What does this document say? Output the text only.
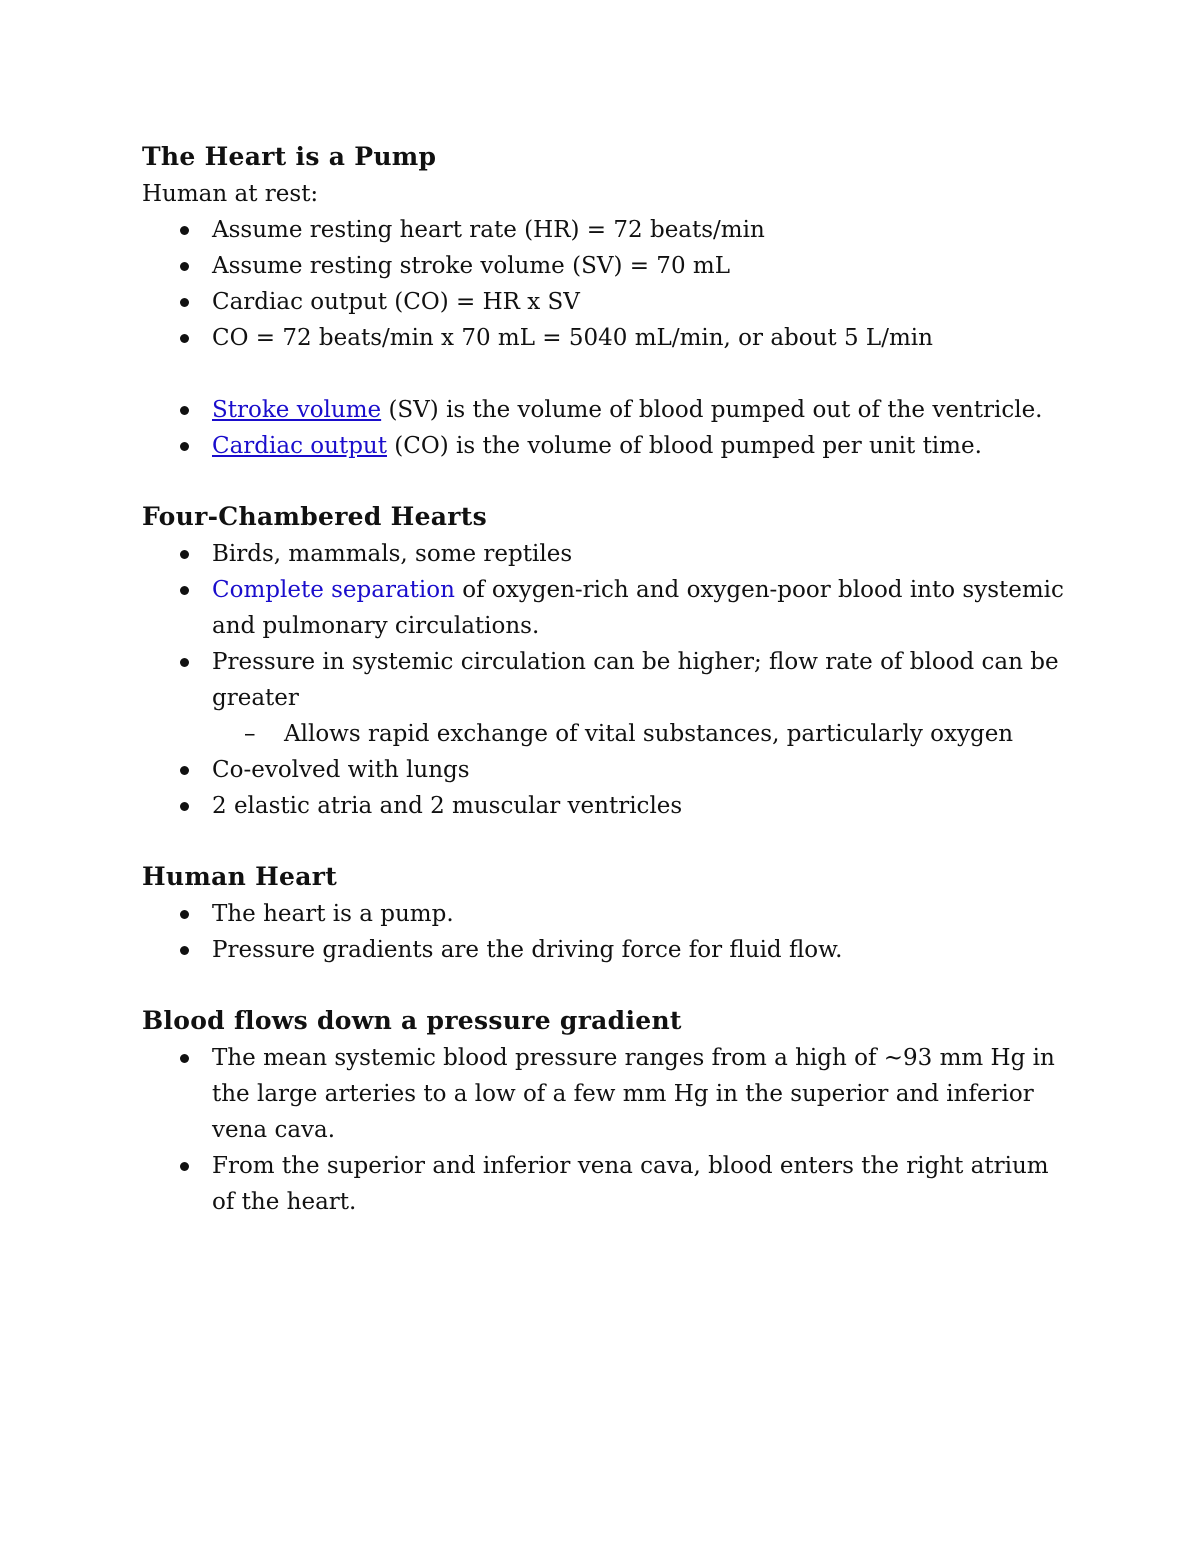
The Heart is a Pump

Human at rest:

Assume resting heart rate (HR) = 72 beats/min
Assume resting stroke volume (SV) = 70 mL
Cardiac output (CO) = HR x SV
CO = 72 beats/min x 70 mL = 5040 mL/min, or about 5 L/min
Stroke volume (SV) is the volume of blood pumped out of the ventricle.
Cardiac output (CO) is the volume of blood pumped per unit time.
Four-Chambered Hearts
Birds, mammals, some reptiles
Complete separation of oxygen-rich and oxygen-poor blood into systemic and pulmonary circulations.
Pressure in systemic circulation can be higher; flow rate of blood can be greater
– Allows rapid exchange of vital substances, particularly oxygen
Co-evolved with lungs
2 elastic atria and 2 muscular ventricles
Human Heart
The heart is a pump.
Pressure gradients are the driving force for fluid flow.
Blood flows down a pressure gradient
The mean systemic blood pressure ranges from a high of ~93 mm Hg in the large arteries to a low of a few mm Hg in the superior and inferior vena cava.
From the superior and inferior vena cava, blood enters the right atrium of the heart.
